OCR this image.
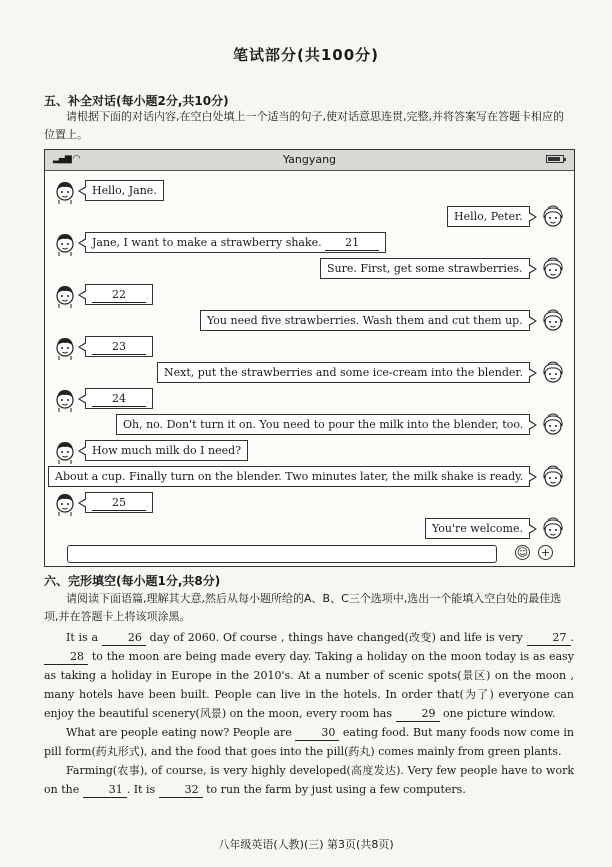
笔试部分(共100分)
五、补全对话(每小题2分,共10分)
请根据下面的对话内容,在空白处填上一个适当的句子,使对话意思连贯,完整,并将答案写在答题卡相应的位置上。
▂▄▆ ◠	Yangyang
Hello, Jane.
Hello, Peter.
Jane, I want to make a strawberry shake. 21
Sure. First, get some strawberries.
22
You need five strawberries. Wash them and cut them up.
23
Next, put the strawberries and some ice-cream into the blender.
24
Oh, no. Don't turn it on. You need to pour the milk into the blender, too.
How much milk do I need?
About a cup. Finally turn on the blender. Two minutes later, the milk shake is ready.
25
You're welcome.
☺ +
六、完形填空(每小题1分,共8分)
请阅读下面语篇,理解其大意,然后从每小题所给的A、B、C三个选项中,选出一个能填入空白处的最佳选项,并在答题卡上将该项涂黑。

It is a	26 day of 2060. Of course , things have changed(改变) and life is very	27 . 28 to the moon are being made every day. Taking a holiday on the moon today is as easy as taking a holiday in Europe in the 2010's. At a number of scenic spots(景区) on the moon , many hotels have been built. People can live in the hotels. In order that(为了) everyone can enjoy the beautiful scenery(风景) on the moon, every room has	29 one picture window.

What are people eating now? People are	30 eating food. But many foods now come in pill form(药丸形式), and the food that goes into the pill(药丸) comes mainly from green plants.

Farming(农事), of course, is very highly developed(高度发达). Very few people have to work on the	31 . It is	32 to run the farm by just using a few computers.

八年级英语(人教)(三) 第3页(共8页)
